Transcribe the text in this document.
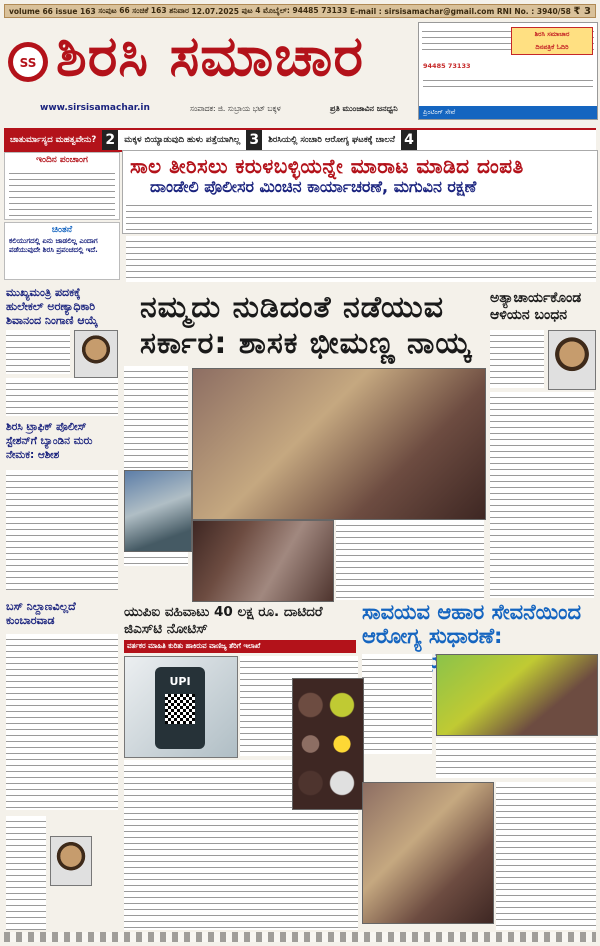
volume 66 issue 163 ಸಂಪುಟ 66 ಸಂಚಿಕೆ 163 ಶನಿವಾರ 12.07.2025 ಪುಟ 4 ಮೊಬೈಲ್: 94485 73133 E-mail : sirsisamachar@gmail.com RNI No. : 3940/58 ₹ 3
SS ಶಿರಸಿ ಸಮಾಚಾರ
www.sirsisamachar.in	ಸಂಪಾದಕ: ಜಿ. ಸುಬ್ರಾಯ ಭಟ್ ಬಕ್ಕಳ	ಪ್ರತಿ ಮುಂಜಾವಿನ ಜನಧ್ವನಿ
ಶಿರಸಿ ಸಮಾಚಾರ
ದಿನಪತ್ರಿಕೆ ಓದಿರಿ
94485 73133
ಪ್ರಿಂಟಿಂಗ್ ಸೇವೆ
ಚಾತುರ್ಮಾಸ್ಯದ ಮಹತ್ವವೇನು? 2	ಮಕ್ಕಳ ಬಿಯ್ಯಾಡುವುದಿ ಹುಳು ಪತ್ತೆಯಾಗಿಲ್ಲ 3	ಶಿರಸಿಯಲ್ಲಿ ಸಂಚಾರಿ ಆರೋಗ್ಯ ಘಟಕಕ್ಕೆ ಚಾಲನೆ 4
ಇಂದಿನ ಪಂಚಾಂಗ
ಚಿಂತನೆ
ಕಲಿಯುಗದಲ್ಲಿ ಏನು ಜಾಡಲಿಲ್ಲ ಎಂದಾಗ ಪಡೆಯುವುದೇ ಶಿರಸಿ ಪ್ರಪಂಚದಲ್ಲಿ ಇದೆ.
ಮುಖ್ಯಮಂತ್ರಿ ಪದಕಕ್ಕೆ ಹುಲೇಕಲ್ ಅರಣ್ಯಾಧಿಕಾರಿ ಶಿವಾನಂದ ನಿಂಗಾಣಿ ಆಯ್ಕೆ
ಶಿರಸಿ ಟ್ರಾಫಿಕ್ ಪೊಲೀಸ್ ಸ್ಟೇಶನ್‌ಗೆ ಬ್ಯಾಂಡಿನ ಮರು ನೇಮಕ: ಆಶೀಶ
ಬಸ್ ನಿಲ್ದಾಣವಿಲ್ಲದೆ ಕುಂಬಾರವಾಡ
ಸಾಲ ತೀರಿಸಲು ಕರುಳಬಳ್ಳಿಯನ್ನೇ ಮಾರಾಟ ಮಾಡಿದ ದಂಪತಿ
ದಾಂಡೇಲಿ ಪೊಲೀಸರ ಮಿಂಚಿನ ಕಾರ್ಯಾಚರಣೆ, ಮಗುವಿನ ರಕ್ಷಣೆ
ನಮ್ಮದು ನುಡಿದಂತೆ ನಡೆಯುವ
ಸರ್ಕಾರ: ಶಾಸಕ ಭೀಮಣ್ಣ ನಾಯ್ಕ
ಅತ್ಯಾಚಾರ್ಯಕೊಂಡ ಆಳಿಯನ ಬಂಧನ
ಯುಪಿಐ ವಹಿವಾಟು 40 ಲಕ್ಷ ರೂ. ದಾಟಿದರೆ ಜಿಎಸ್‌ಟಿ ನೋಟಿಸ್
ವರ್ತಕರ ಮಾಹಿತಿ ಕುರಿತು ಹಾಕಿರುವ ವಾಣಿಜ್ಯ ತೆರಿಗೆ ಇಲಾಖೆ
UPI
ಸಾವಯವ ಆಹಾರ ಸೇವನೆಯಿಂದ
ಆರೋಗ್ಯ ಸುಧಾರಣೆ:
